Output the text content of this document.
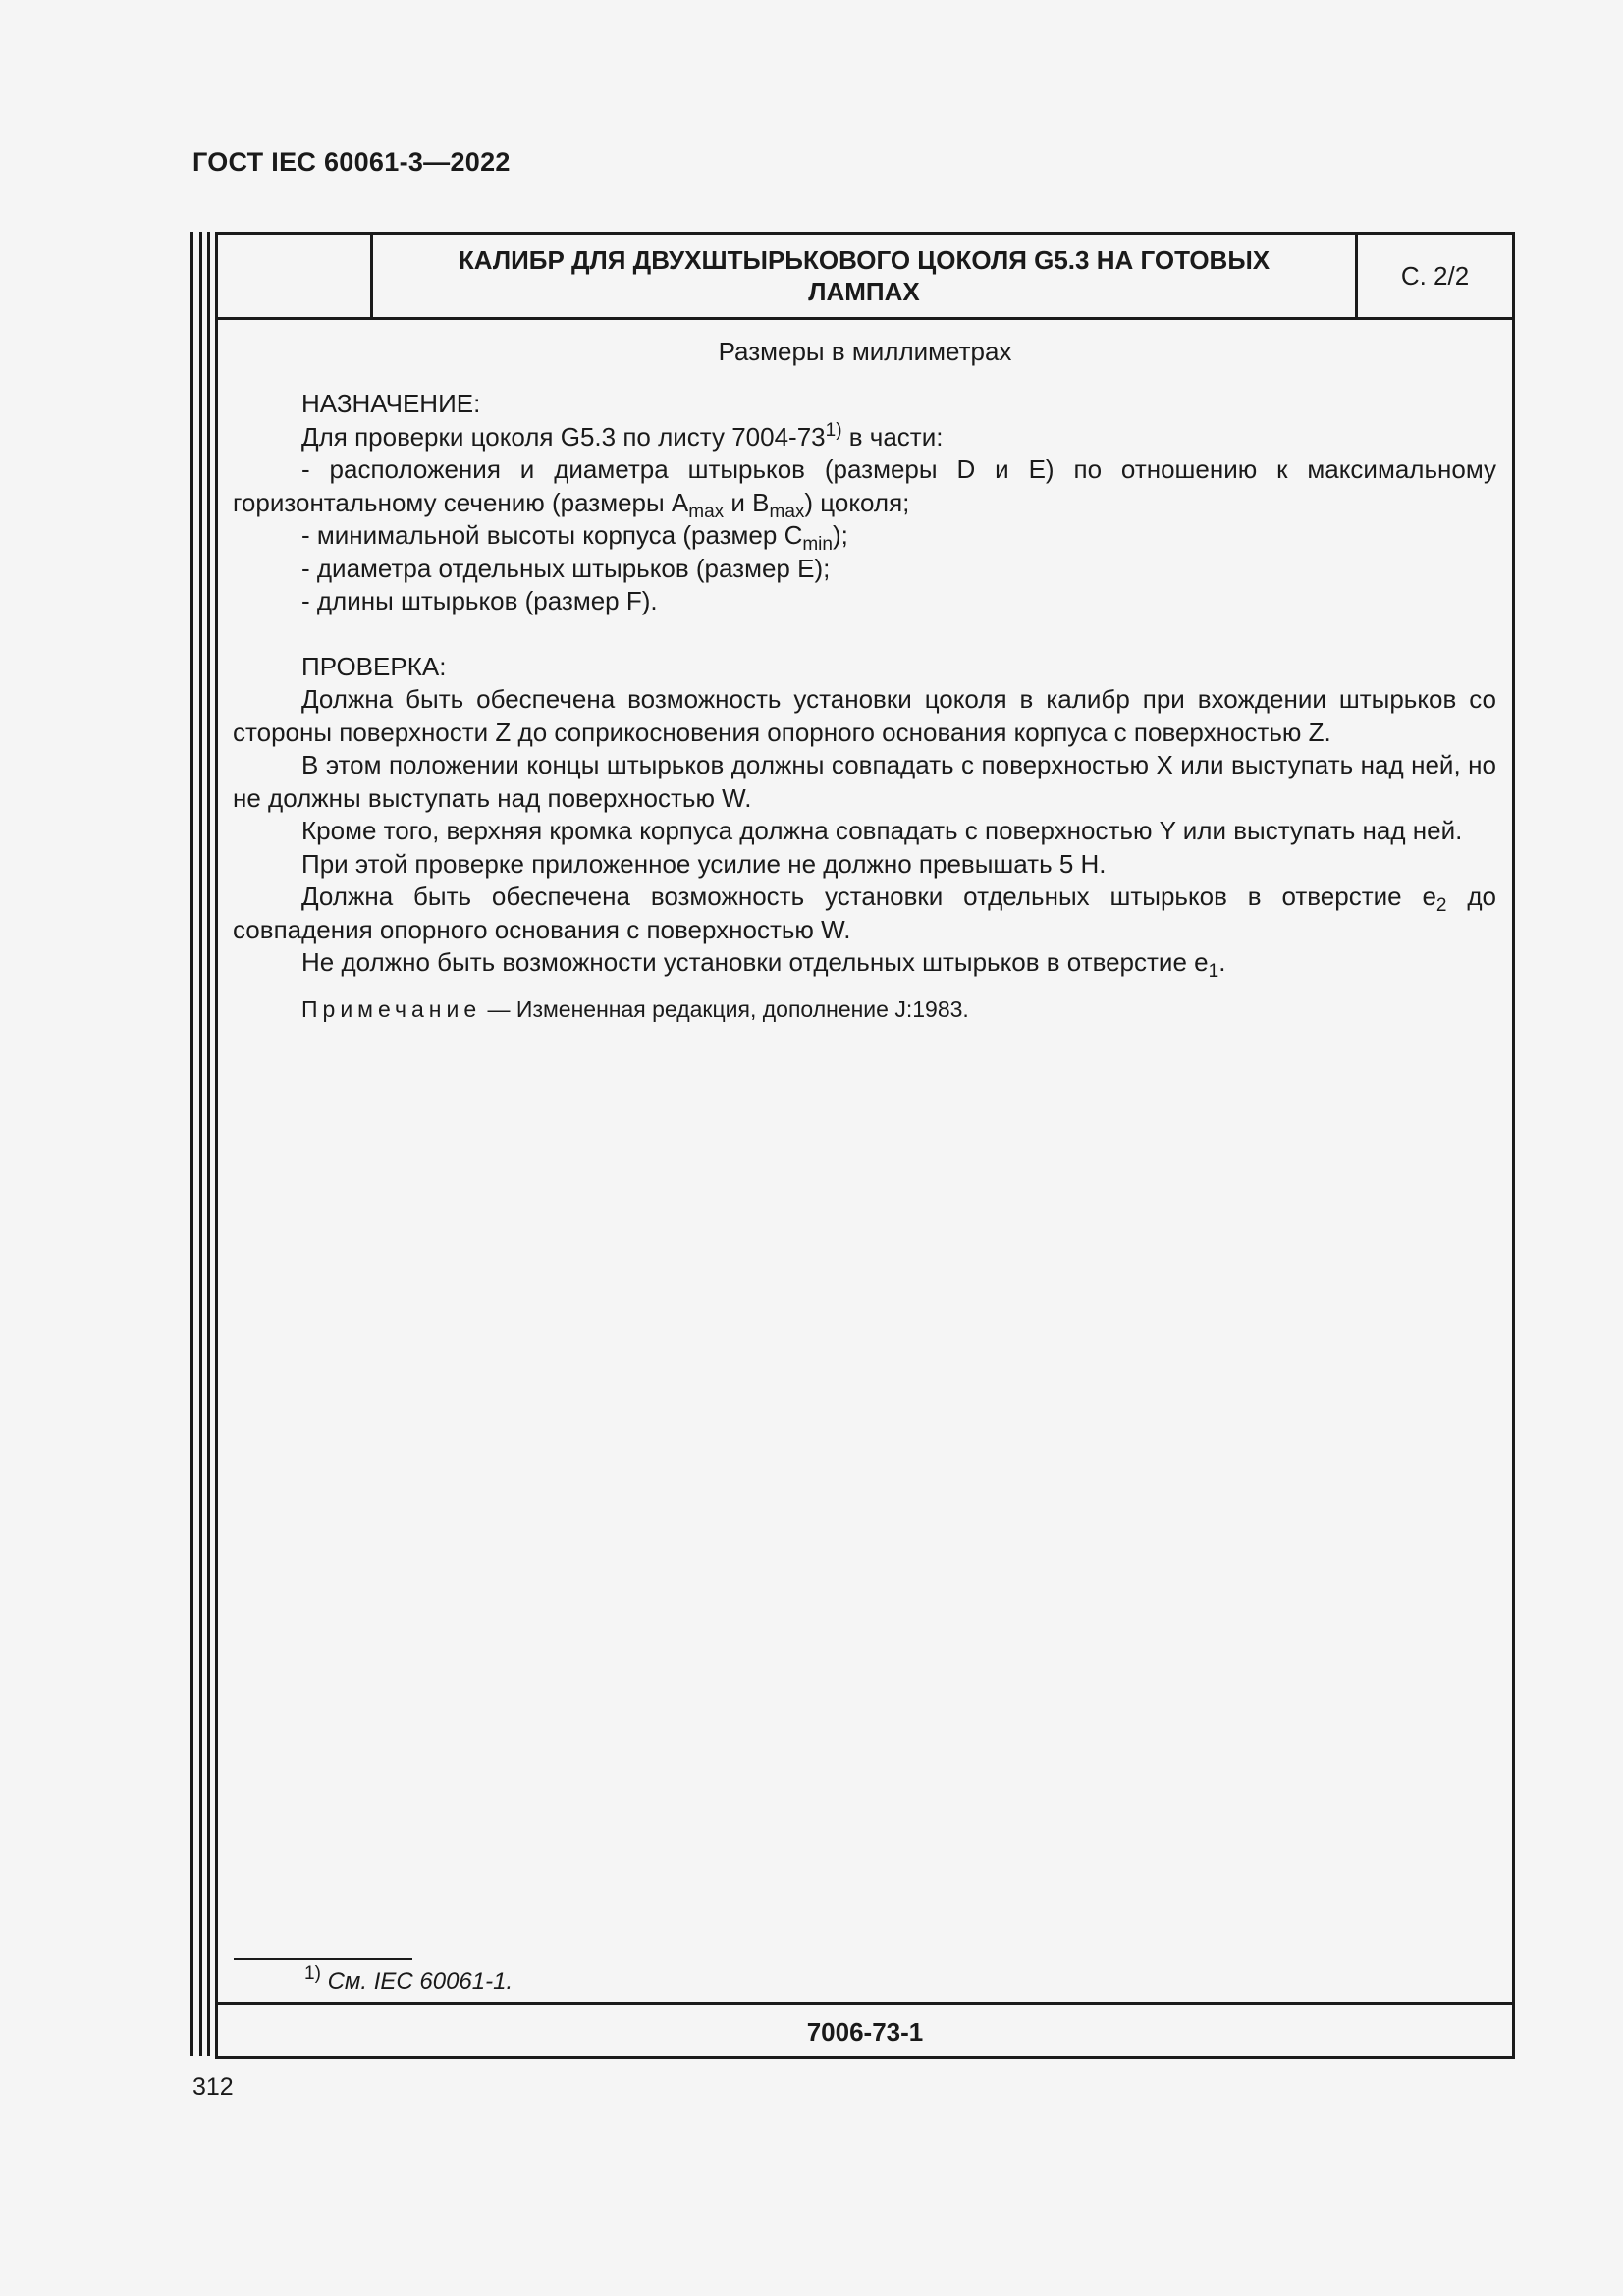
ГОСТ IEC 60061-3—2022
КАЛИБР ДЛЯ ДВУХШТЫРЬКОВОГО ЦОКОЛЯ G5.3 НА ГОТОВЫХ ЛАМПАХ
С. 2/2
Размеры в миллиметрах

НАЗНАЧЕНИЕ:

Для проверки цоколя G5.3 по листу 7004-73$^{1)}$ в части:

- расположения и диаметра штырьков (размеры D и E) по отношению к максимальному горизонтальному сечению (размеры $A_{max}$ и $B_{max}$) цоколя;

- минимальной высоты корпуса (размер $C_{min}$);

- диаметра отдельных штырьков (размер E);

- длины штырьков (размер F).

ПРОВЕРКА:

Должна быть обеспечена возможность установки цоколя в калибр при вхождении штырьков со стороны поверхности Z до соприкосновения опорного основания корпуса с поверхностью Z.

В этом положении концы штырьков должны совпадать с поверхностью X или выступать над ней, но не должны выступать над поверхностью W.

Кроме того, верхняя кромка корпуса должна совпадать с поверхностью Y или выступать над ней.

При этой проверке приложенное усилие не должно превышать 5 Н.

Должна быть обеспечена возможность установки отдельных штырьков в отверстие $e_2$ до совпадения опорного основания с поверхностью W.

Не должно быть возможности установки отдельных штырьков в отверстие $e_1$.

Примечание — Измененная редакция, дополнение J:1983.

$^{1)}$ См. IEC 60061-1.
7006-73-1
312
